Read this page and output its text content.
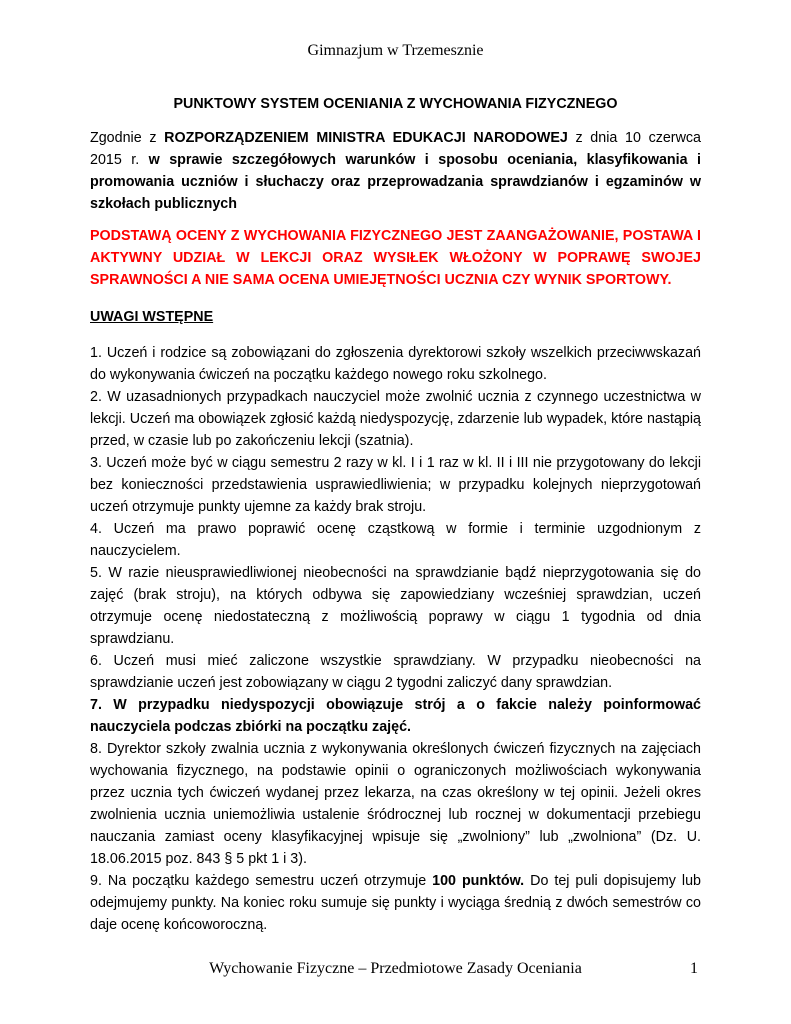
Gimnazjum w Trzemesznie

PUNKTOWY SYSTEM OCENIANIA Z WYCHOWANIA FIZYCZNEGO

Zgodnie z ROZPORZĄDZENIEM MINISTRA EDUKACJI NARODOWEJ z dnia 10 czerwca 2015 r. w sprawie szczegółowych warunków i sposobu oceniania, klasyfikowania i promowania uczniów i słuchaczy oraz przeprowadzania sprawdzianów i egzaminów w szkołach publicznych

PODSTAWĄ OCENY Z WYCHOWANIA FIZYCZNEGO JEST ZAANGAŻOWANIE, POSTAWA I AKTYWNY UDZIAŁ W LEKCJI ORAZ WYSIŁEK WŁOŻONY W POPRAWĘ SWOJEJ SPRAWNOŚCI A NIE SAMA OCENA UMIEJĘTNOŚCI UCZNIA CZY WYNIK SPORTOWY.

UWAGI WSTĘPNE

1. Uczeń i rodzice są zobowiązani do zgłoszenia dyrektorowi szkoły wszelkich przeciwwskazań do wykonywania ćwiczeń na początku każdego nowego roku szkolnego.

2. W uzasadnionych przypadkach nauczyciel może zwolnić ucznia z czynnego uczestnictwa w lekcji. Uczeń ma obowiązek zgłosić każdą niedyspozycję, zdarzenie lub wypadek, które nastąpią przed, w czasie lub po zakończeniu lekcji (szatnia).

3. Uczeń może być w ciągu semestru 2 razy w kl. I i 1 raz w kl. II i III nie przygotowany do lekcji bez konieczności przedstawienia usprawiedliwienia; w przypadku kolejnych nieprzygotowań uczeń otrzymuje punkty ujemne za każdy brak stroju.

4. Uczeń ma prawo poprawić ocenę cząstkową w formie i terminie uzgodnionym z nauczycielem.

5. W razie nieusprawiedliwionej nieobecności na sprawdzianie bądź nieprzygotowania się do zajęć (brak stroju), na których odbywa się zapowiedziany wcześniej sprawdzian, uczeń otrzymuje ocenę niedostateczną z możliwością poprawy w ciągu 1 tygodnia od dnia sprawdzianu.

6. Uczeń musi mieć zaliczone wszystkie sprawdziany. W przypadku nieobecności na sprawdzianie uczeń jest zobowiązany w ciągu 2 tygodni zaliczyć dany sprawdzian.

7. W przypadku niedyspozycji obowiązuje strój a o fakcie należy poinformować nauczyciela podczas zbiórki na początku zajęć.

8. Dyrektor szkoły zwalnia ucznia z wykonywania określonych ćwiczeń fizycznych na zajęciach wychowania fizycznego, na podstawie opinii o ograniczonych możliwościach wykonywania przez ucznia tych ćwiczeń wydanej przez lekarza, na czas określony w tej opinii. Jeżeli okres zwolnienia ucznia uniemożliwia ustalenie śródrocznej lub rocznej w dokumentacji przebiegu nauczania zamiast oceny klasyfikacyjnej wpisuje się „zwolniony” lub „zwolniona” (Dz. U. 18.06.2015 poz. 843 § 5 pkt 1 i 3).

9. Na początku każdego semestru uczeń otrzymuje 100 punktów. Do tej puli dopisujemy lub odejmujemy punkty. Na koniec roku sumuje się punkty i wyciąga średnią z dwóch semestrów co daje ocenę końcoworoczną.

Wychowanie Fizyczne – Przedmiotowe Zasady Oceniania	1
